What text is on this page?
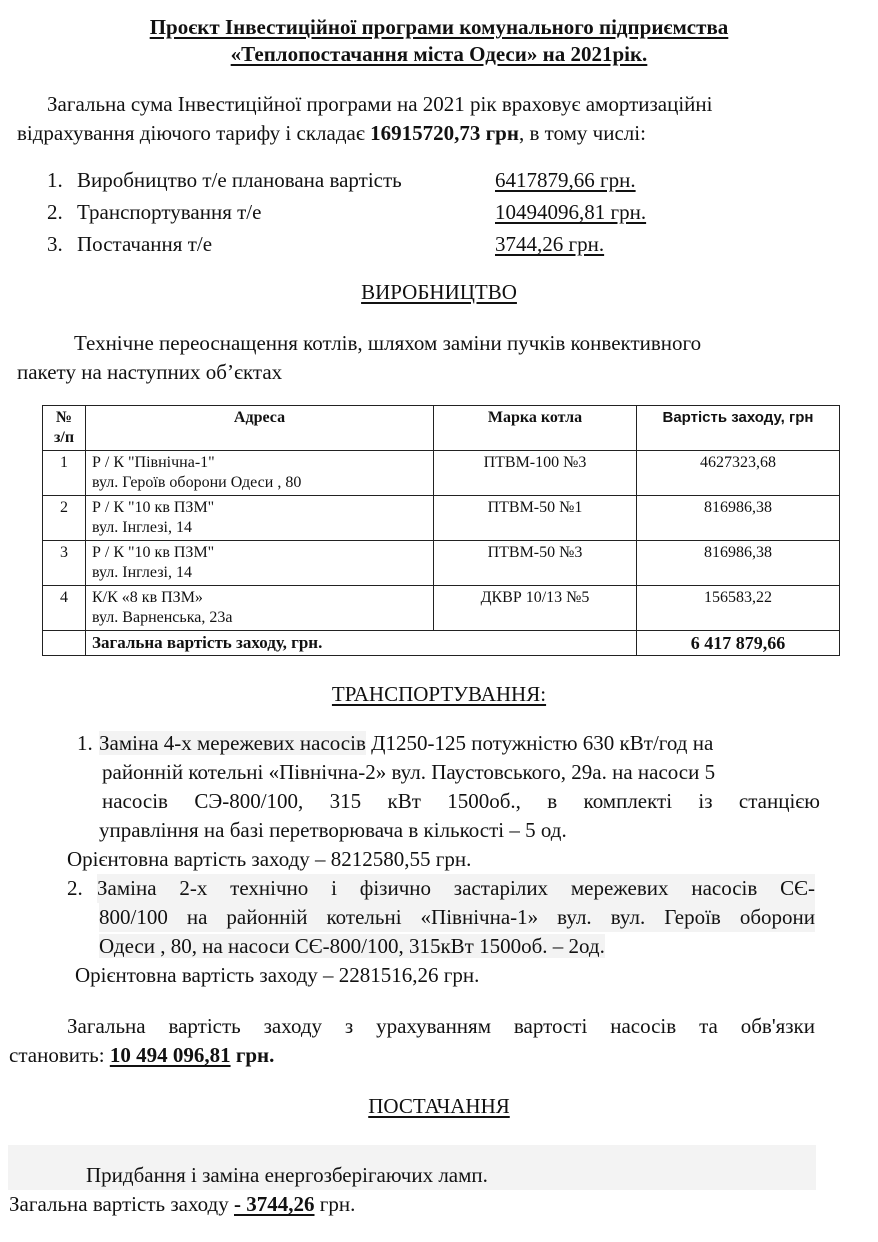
Проєкт Інвестиційної програми комунального підприємства
«Теплопостачання міста Одеси» на 2021рік.
Загальна сума Інвестиційної програми на 2021 рік враховує амортизаційні
відрахування діючого тарифу і складає 16915720,73 грн, в тому числі:
1. Виробництво т/е планована вартість	6417879,66 грн.
2. Транспортування т/е	10494096,81 грн.
3. Постачання т/е	3744,26 грн.
ВИРОБНИЦТВО
Технічне переоснащення котлів, шляхом заміни пучків конвективного
пакету на наступних об’єктах
№ з/п	Адреса	Марка котла	Вартість заходу, грн
1	Р / К "Північна-1"
вул. Героїв оборони Одеси , 80	ПТВМ-100 №3	4627323,68
2	Р / К "10 кв ПЗМ"
вул. Інглезі, 14	ПТВМ-50 №1	816986,38
3	Р / К "10 кв ПЗМ"
вул. Інглезі, 14	ПТВМ-50 №3	816986,38
4	К/К «8 кв ПЗМ»
вул. Варненська, 23а	ДКВР 10/13 №5	156583,22
	Загальна вартість заходу, грн.		6 417 879,66
ТРАНСПОРТУВАННЯ:
1. Заміна 4-х мережевих насосів Д1250-125 потужністю 630 кВт/год на
районній котельні «Північна-2» вул. Паустовського, 29а. на насоси 5
насосів СЭ-800/100, 315 кВт 1500об., в комплекті із станцією
управління на базі перетворювача в кількості – 5 од.
Орієнтовна вартість заходу – 8212580,55 грн.
2. Заміна 2-х технічно і фізично застарілих мережевих насосів СЄ-
800/100 на районній котельні «Північна-1» вул. вул. Героїв оборони
Одеси , 80, на насоси СЄ-800/100, 315кВт 1500об. – 2од.
Орієнтовна вартість заходу – 2281516,26 грн.
Загальна вартість заходу з урахуванням вартості насосів та обв'язки
становить: 10 494 096,81 грн.
ПОСТАЧАННЯ
Придбання і заміна енергозберігаючих ламп.
Загальна вартість заходу - 3744,26 грн.
